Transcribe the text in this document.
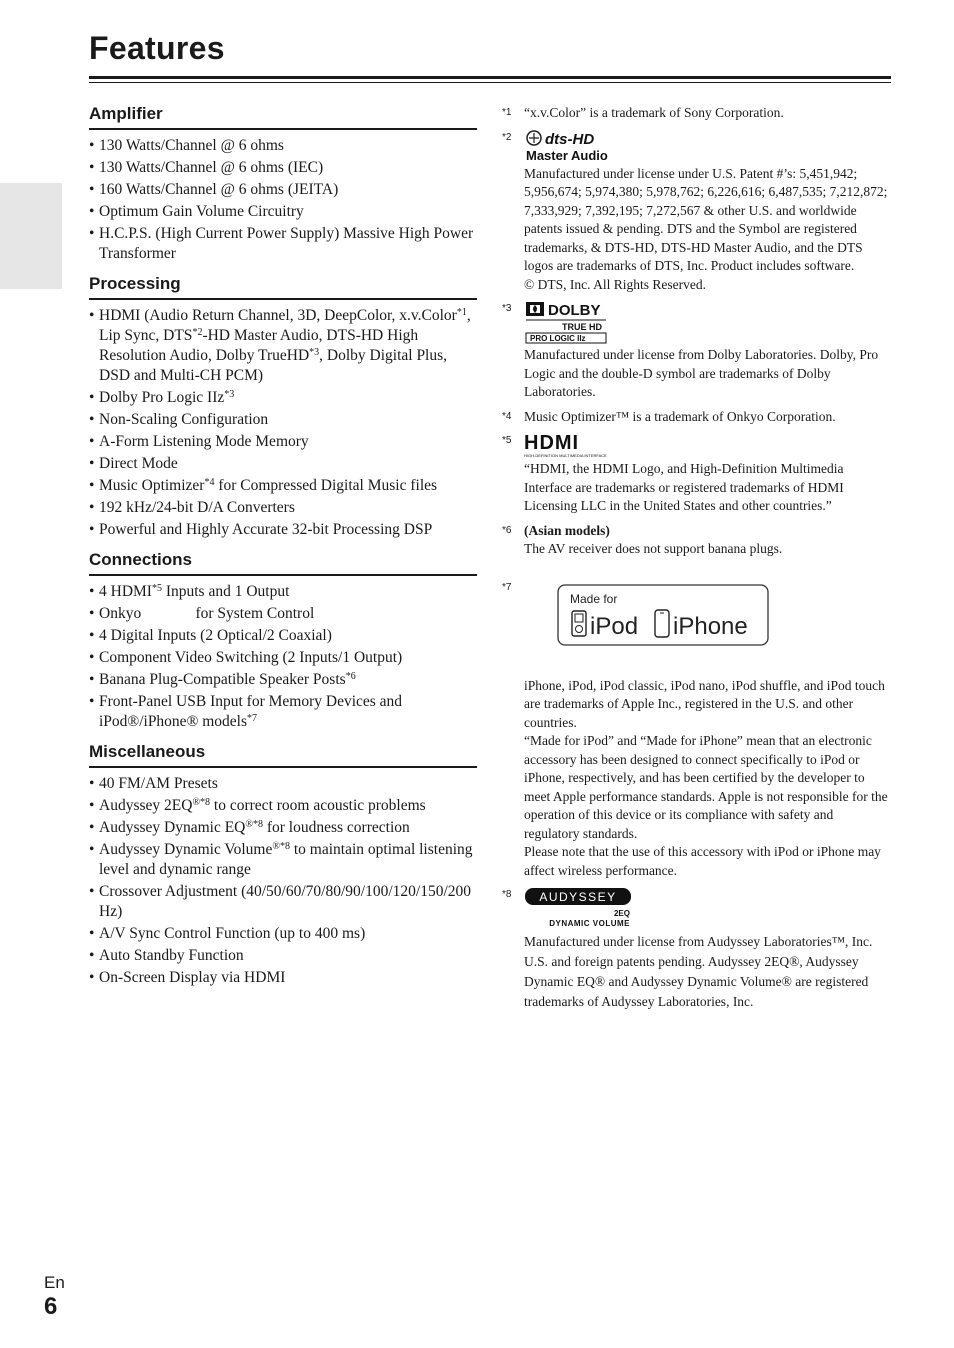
Features
Amplifier
• 130 Watts/Channel @ 6 ohms
• 130 Watts/Channel @ 6 ohms (IEC)
• 160 Watts/Channel @ 6 ohms (JEITA)
• Optimum Gain Volume Circuitry
• H.C.P.S. (High Current Power Supply) Massive High Power Transformer
Processing
• HDMI (Audio Return Channel, 3D, DeepColor, x.v.Color$^{*1}$, Lip Sync, DTS$^{*2}$-HD Master Audio, DTS-HD High Resolution Audio, Dolby TrueHD$^{*3}$, Dolby Digital Plus, DSD and Multi-CH PCM)
• Dolby Pro Logic IIz$^{*3}$
• Non-Scaling Configuration
• A-Form Listening Mode Memory
• Direct Mode
• Music Optimizer$^{*4}$ for Compressed Digital Music files
• 192 kHz/24-bit D/A Converters
• Powerful and Highly Accurate 32-bit Processing DSP
Connections
• 4 HDMI$^{*5}$ Inputs and 1 Output
• Onkyo              for System Control
• 4 Digital Inputs (2 Optical/2 Coaxial)
• Component Video Switching (2 Inputs/1 Output)
• Banana Plug-Compatible Speaker Posts$^{*6}$
• Front-Panel USB Input for Memory Devices and iPod®/iPhone® models$^{*7}$
Miscellaneous
• 40 FM/AM Presets
• Audyssey $2EQ^{®*8}$ to correct room acoustic problems
• Audyssey Dynamic $EQ^{®*8}$ for loudness correction
• Audyssey Dynamic Volume$^{®*8}$ to maintain optimal listening level and dynamic range
• Crossover Adjustment (40/50/60/70/80/90/100/120/150/200 Hz)
• A/V Sync Control Function (up to 400 ms)
• Auto Standby Function
• On-Screen Display via HDMI
*1 “x.v.Color” is a trademark of Sony Corporation.

*2 dts-HD
Master Audio

Manufactured under license under U.S. Patent #’s: 5,451,942; 5,956,674; 5,974,380; 5,978,762; 6,226,616; 6,487,535; 7,212,872; 7,333,929; 7,392,195; 7,272,567 & other U.S. and worldwide patents issued & pending. DTS and the Symbol are registered trademarks, & DTS-HD, DTS-HD Master Audio, and the DTS logos are trademarks of DTS, Inc. Product includes software.

© DTS, Inc. All Rights Reserved.

*3 DOLBY
TRUE HD
PRO LOGIC IIz

Manufactured under license from Dolby Laboratories. Dolby, Pro Logic and the double-D symbol are trademarks of Dolby Laboratories.

*4 Music Optimizer™ is a trademark of Onkyo Corporation.

*5 HDMI
HIGH-DEFINITION MULTIMEDIA INTERFACE

“HDMI, the HDMI Logo, and High-Definition Multimedia Interface are trademarks or registered trademarks of HDMI Licensing LLC in the United States and other countries.”

*6 (Asian models)

The AV receiver does not support banana plugs.

*7
Made for
iPod iPhone

iPhone, iPod, iPod classic, iPod nano, iPod shuffle, and iPod touch are trademarks of Apple Inc., registered in the U.S. and other countries.

“Made for iPod” and “Made for iPhone” mean that an electronic accessory has been designed to connect specifically to iPod or iPhone, respectively, and has been certified by the developer to meet Apple performance standards. Apple is not responsible for the operation of this device or its compliance with safety and regulatory standards.

Please note that the use of this accessory with iPod or iPhone may affect wireless performance.

*8 AUDYSSEY
2EQ
DYNAMIC VOLUME

Manufactured under license from Audyssey Laboratories™, Inc. U.S. and foreign patents pending. Audyssey 2EQ®, Audyssey Dynamic EQ® and Audyssey Dynamic Volume® are registered trademarks of Audyssey Laboratories, Inc.

En
6
